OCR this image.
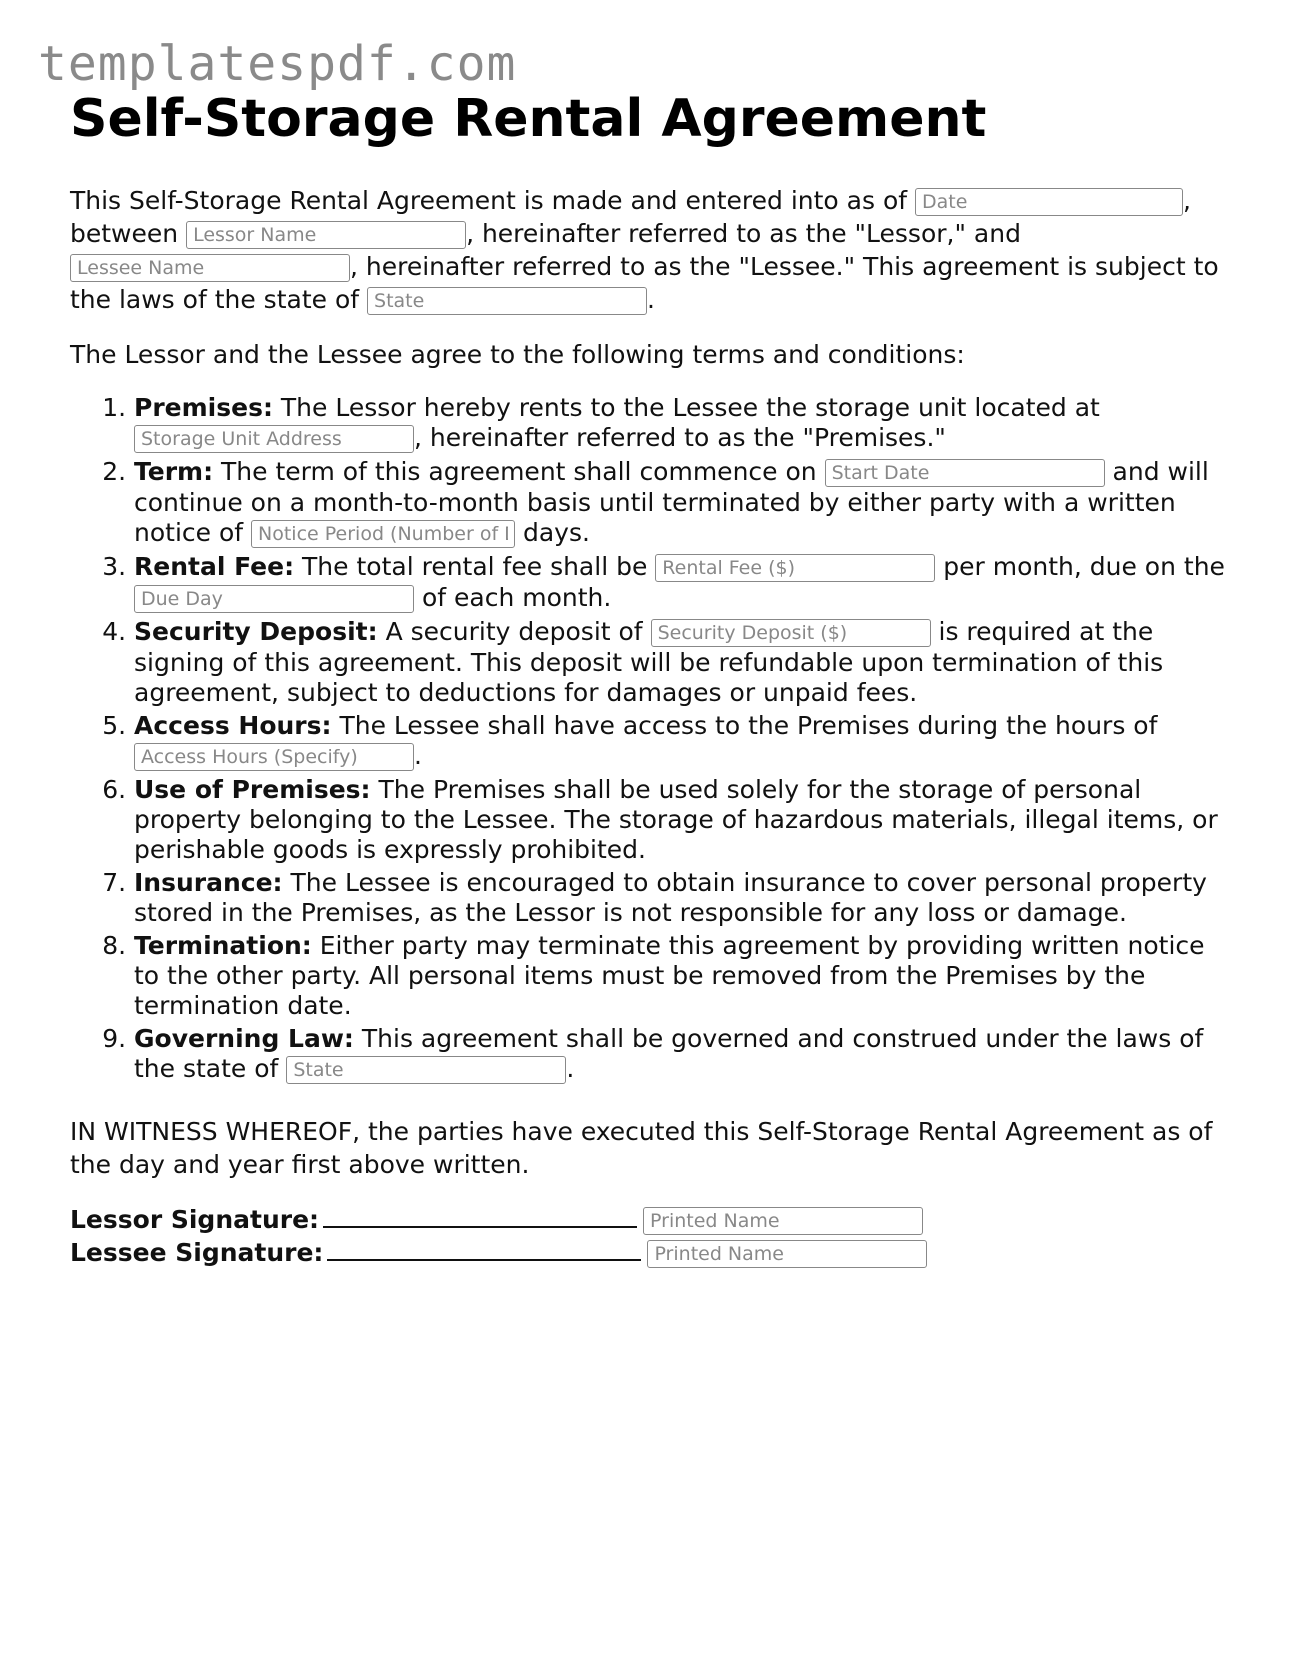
templatespdf.com
Self-Storage Rental Agreement

This Self-Storage Rental Agreement is made and entered into as of Date	, between Lessor Name	, hereinafter referred to as the "Lessor," and Lessee Name, hereinafter referred to as the "Lessee." This agreement is subject to the laws of the state of State	.

The Lessor and the Lessee agree to the following terms and conditions:

1. Premises: The Lessor hereby rents to the Lessee the storage unit located at Storage Unit Address, hereinafter referred to as the "Premises."
2. Term: The term of this agreement shall commence on Start Date	and will continue on a month-to-month basis until terminated by either party with a written notice of Notice Period (Number of Days)	days.
3. Rental Fee: The total rental fee shall be Rental Fee ($)	per month, due on the Due Day of each month.
4. Security Deposit: A security deposit of Security Deposit ($)	is required at the signing of this agreement. This deposit will be refundable upon termination of this agreement, subject to deductions for damages or unpaid fees.
5. Access Hours: The Lessee shall have access to the Premises during the hours of Access Hours (Specify).
6. Use of Premises: The Premises shall be used solely for the storage of personal property belonging to the Lessee. The storage of hazardous materials, illegal items, or perishable goods is expressly prohibited.
7. Insurance: The Lessee is encouraged to obtain insurance to cover personal property stored in the Premises, as the Lessor is not responsible for any loss or damage.
8. Termination: Either party may terminate this agreement by providing written notice to the other party. All personal items must be removed from the Premises by the termination date.
9. Governing Law: This agreement shall be governed and construed under the laws of the state of State	.

IN WITNESS WHEREOF, the parties have executed this Self-Storage Rental Agreement as of the day and year first above written.

Lessor Signature:Printed Name
Lessee Signature:Printed Name
